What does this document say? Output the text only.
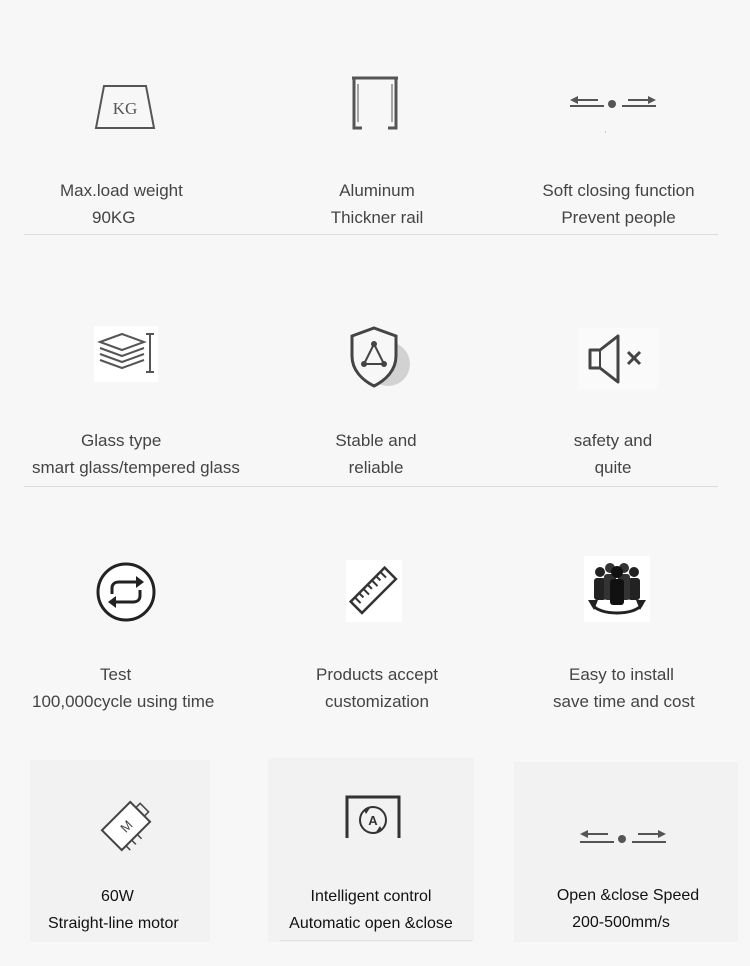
KG
Max.load weight
90KG
Aluminum
Thickner rail
Soft closing function
Prevent people
Glass type
smart glass/tempered glass
Stable and
reliable
safety and
quite
Test
100,000cycle using time
Products accept
customization
Easy to install
save time and cost
M
60W
Straight-line motor
A
Intelligent control
Automatic open &close
Open &close Speed
200-500mm/s
